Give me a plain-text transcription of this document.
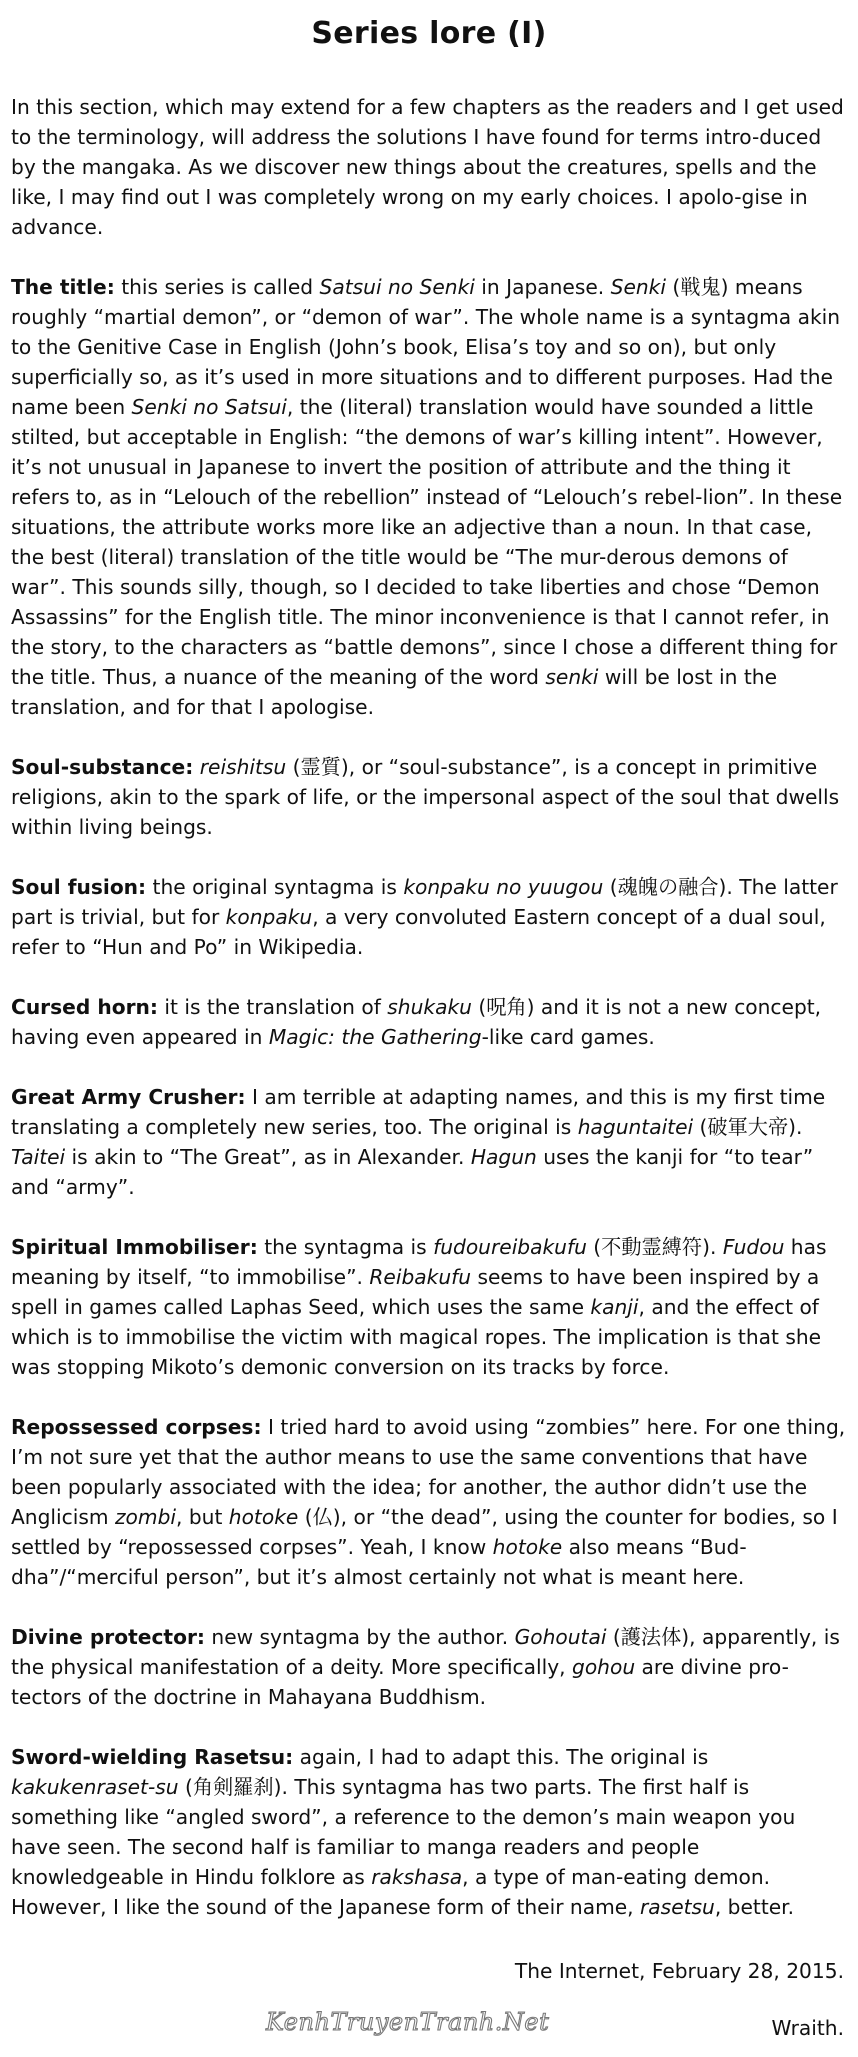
Series lore (I)

In this section, which may extend for a few chapters as the readers and I get used to the terminology, will address the solutions I have found for terms intro-duced by the mangaka. As we discover new things about the creatures, spells and the like, I may find out I was completely wrong on my early choices. I apolo-gise in advance.

The title: this series is called Satsui no Senki in Japanese. Senki (戦鬼) means roughly “martial demon”, or “demon of war”. The whole name is a syntagma akin to the Genitive Case in English (John’s book, Elisa’s toy and so on), but only superficially so, as it’s used in more situations and to different purposes. Had the name been Senki no Satsui, the (literal) translation would have sounded a little stilted, but acceptable in English: “the demons of war’s killing intent”. However, it’s not unusual in Japanese to invert the position of attribute and the thing it refers to, as in “Lelouch of the rebellion” instead of “Lelouch’s rebel-lion”. In these situations, the attribute works more like an adjective than a noun. In that case, the best (literal) translation of the title would be “The mur-derous demons of war”. This sounds silly, though, so I decided to take liberties and chose “Demon Assassins” for the English title. The minor inconvenience is that I cannot refer, in the story, to the characters as “battle demons”, since I chose a different thing for the title. Thus, a nuance of the meaning of the word senki will be lost in the translation, and for that I apologise.

Soul-substance: reishitsu (霊質), or “soul-substance”, is a concept in primitive religions, akin to the spark of life, or the impersonal aspect of the soul that dwells within living beings.

Soul fusion: the original syntagma is konpaku no yuugou (魂魄の融合). The latter part is trivial, but for konpaku, a very convoluted Eastern concept of a dual soul, refer to “Hun and Po” in Wikipedia.

Cursed horn: it is the translation of shukaku (呪角) and it is not a new concept, having even appeared in Magic: the Gathering-like card games.

Great Army Crusher: I am terrible at adapting names, and this is my first time translating a completely new series, too. The original is haguntaitei (破軍大帝). Taitei is akin to “The Great”, as in Alexander. Hagun uses the kanji for “to tear” and “army”.

Spiritual Immobiliser: the syntagma is fudoureibakufu (不動霊縛符). Fudou has meaning by itself, “to immobilise”. Reibakufu seems to have been inspired by a spell in games called Laphas Seed, which uses the same kanji, and the effect of which is to immobilise the victim with magical ropes. The implication is that she was stopping Mikoto’s demonic conversion on its tracks by force.

Repossessed corpses: I tried hard to avoid using “zombies” here. For one thing, I’m not sure yet that the author means to use the same conventions that have been popularly associated with the idea; for another, the author didn’t use the Anglicism zombi, but hotoke (仏), or “the dead”, using the counter for bodies, so I settled by “repossessed corpses”. Yeah, I know hotoke also means “Bud-dha”/“merciful person”, but it’s almost certainly not what is meant here.

Divine protector: new syntagma by the author. Gohoutai (護法体), apparently, is the physical manifestation of a deity. More specifically, gohou are divine pro-tectors of the doctrine in Mahayana Buddhism.

Sword-wielding Rasetsu: again, I had to adapt this. The original is kakukenraset-su (角剣羅刹). This syntagma has two parts. The first half is something like “angled sword”, a reference to the demon’s main weapon you have seen. The second half is familiar to manga readers and people knowledgeable in Hindu folklore as rakshasa, a type of man-eating demon. However, I like the sound of the Japanese form of their name, rasetsu, better.

KenhTruyenTranh.Net
The Internet, February 28, 2015.
Wraith.
